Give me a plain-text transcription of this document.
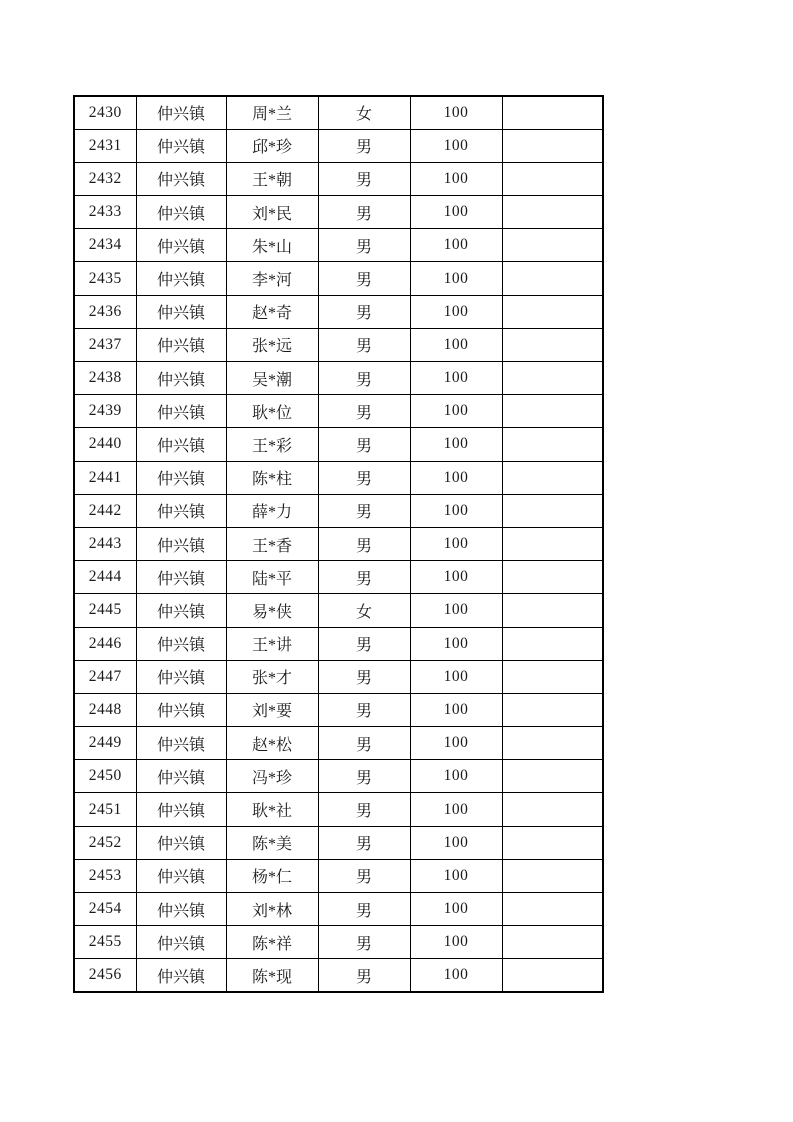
2430	仲兴镇	周*兰	女	100	
2431	仲兴镇	邱*珍	男	100	
2432	仲兴镇	王*朝	男	100	
2433	仲兴镇	刘*民	男	100	
2434	仲兴镇	朱*山	男	100	
2435	仲兴镇	李*河	男	100	
2436	仲兴镇	赵*奇	男	100	
2437	仲兴镇	张*远	男	100	
2438	仲兴镇	吴*潮	男	100	
2439	仲兴镇	耿*位	男	100	
2440	仲兴镇	王*彩	男	100	
2441	仲兴镇	陈*柱	男	100	
2442	仲兴镇	薛*力	男	100	
2443	仲兴镇	王*香	男	100	
2444	仲兴镇	陆*平	男	100	
2445	仲兴镇	易*侠	女	100	
2446	仲兴镇	王*讲	男	100	
2447	仲兴镇	张*才	男	100	
2448	仲兴镇	刘*要	男	100	
2449	仲兴镇	赵*松	男	100	
2450	仲兴镇	冯*珍	男	100	
2451	仲兴镇	耿*社	男	100	
2452	仲兴镇	陈*美	男	100	
2453	仲兴镇	杨*仁	男	100	
2454	仲兴镇	刘*林	男	100	
2455	仲兴镇	陈*祥	男	100	
2456	仲兴镇	陈*现	男	100	
